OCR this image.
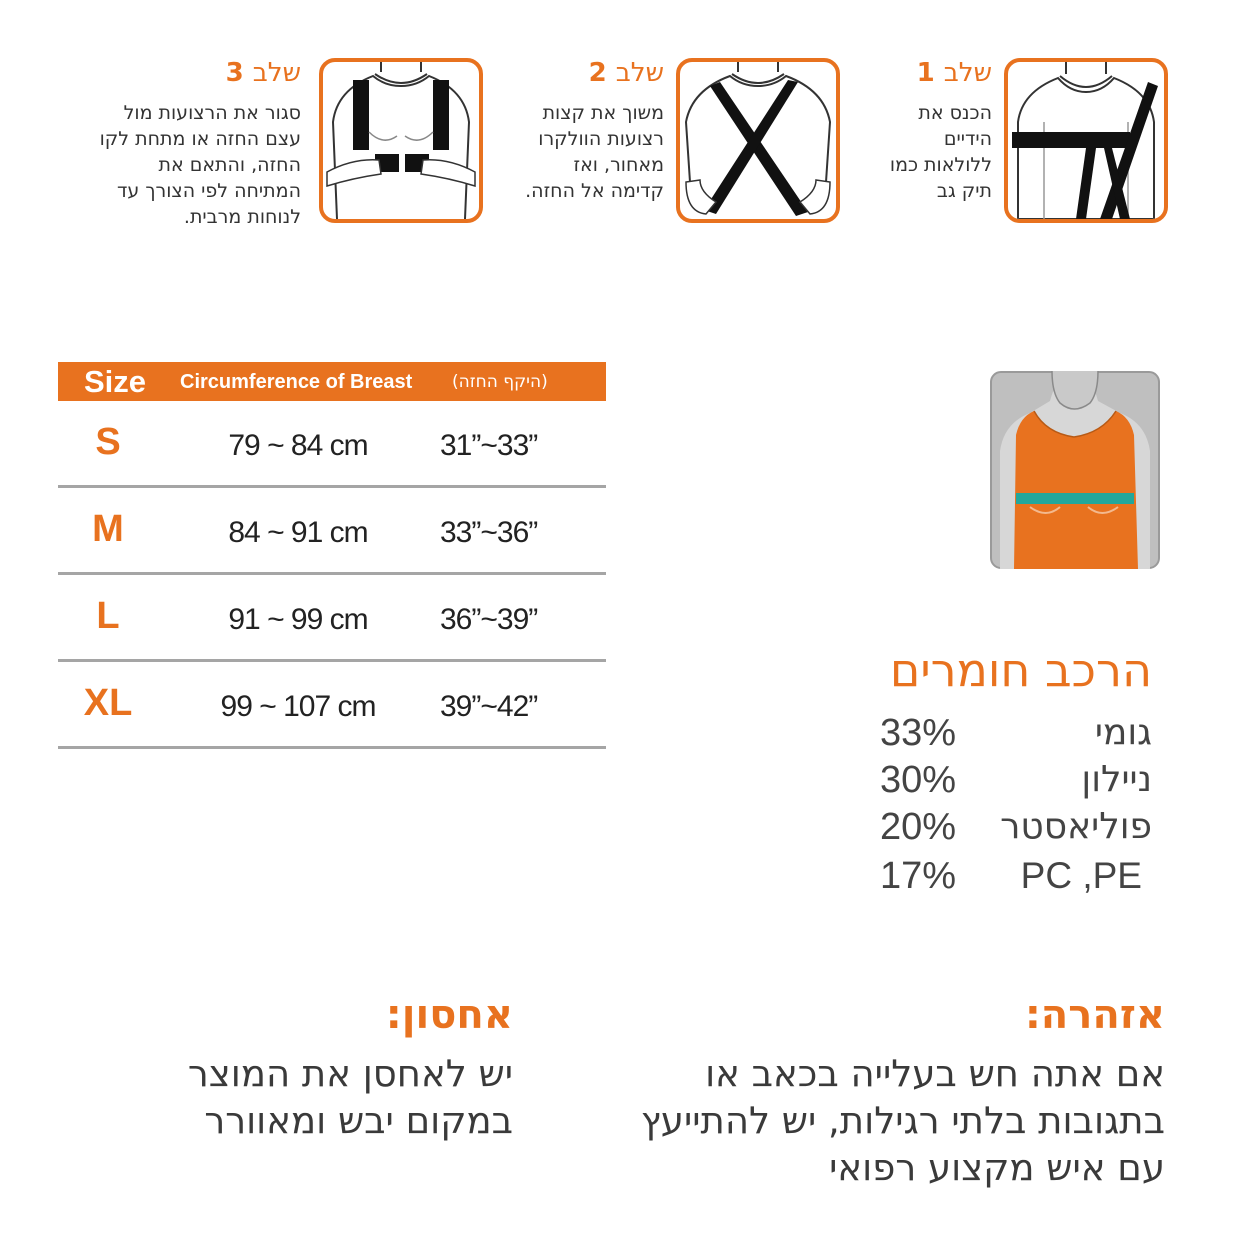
שלב 1
הכנס את
הידיים
ללולאות כמו
תיק גב
שלב 2
משוך את קצות
רצועות הוולקרו
מאחור, ואז
קדימה אל החזה.
שלב 3
סגור את הרצועות מול
עצם החזה או מתחת לקו
החזה, והתאם את
המתיחה לפי הצורך עד
לנוחות מרבית.
Size Circumference of Breast (היקף החזה)
S	79 ~ 84 cm	31”~33”
M	84 ~ 91 cm	33”~36”
L	91 ~ 99 cm	36”~39”
XL	99 ~ 107 cm	39”~42”
הרכב חומרים
33%	גומי
30%	ניילון
20% פוליאסטר
17% PC ,PE
אזהרה:
אם אתה חש בעלייה בכאב או
בתגובות בלתי רגילות, יש להתייעץ
עם איש מקצוע רפואי
אחסון:
יש לאחסן את המוצר
במקום יבש ומאוורר
